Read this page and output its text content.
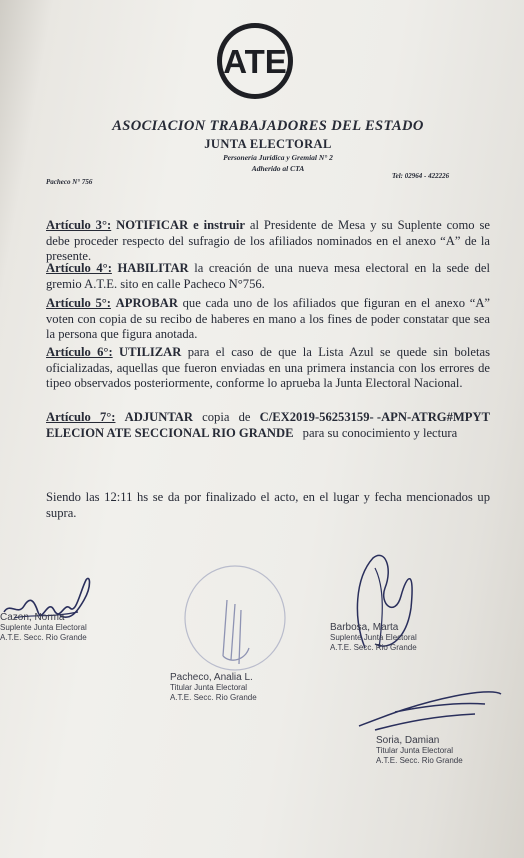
ATE
ASOCIACION TRABAJADORES DEL ESTADO
JUNTA ELECTORAL
Personería Jurídica y Gremial N° 2
Adherido al CTA
Pacheco N° 756
Tel: 02964 - 422226
Artículo 3°: NOTIFICAR e instruir al Presidente de Mesa y su Suplente como se debe proceder respecto del sufragio de los afiliados nominados en el anexo “A” de la presente.
Artículo 4°: HABILITAR la creación de una nueva mesa electoral en la sede del gremio A.T.E. sito en calle Pacheco N°756.
Artículo 5°: APROBAR que cada uno de los afiliados que figuran en el anexo “A” voten con copia de su recibo de haberes en mano a los fines de poder constatar que sea la persona que figura anotada.
Artículo 6°: UTILIZAR para el caso de que la Lista Azul se quede sin boletas oficializadas, aquellas que fueron enviadas en una primera instancia con los errores de tipeo observados posteriormente, conforme lo aprueba la Junta Electoral Nacional.
Artículo 7°: ADJUNTAR copia de C/EX2019-56253159- -APN-ATRG#MPYT ELECION ATE SECCIONAL RIO GRANDE para su conocimiento y lectura
Siendo las 12:11 hs se da por finalizado el acto, en el lugar y fecha mencionados up supra.
Cazon, Norma
Suplente Junta Electoral
A.T.E. Secc. Rio Grande
Pacheco, Analia L.
Titular Junta Electoral
A.T.E. Secc. Rio Grande
Barbosa, Marta
Suplente Junta Electoral
A.T.E. Secc. Rio Grande
Soria, Damian
Titular Junta Electoral
A.T.E. Secc. Rio Grande
